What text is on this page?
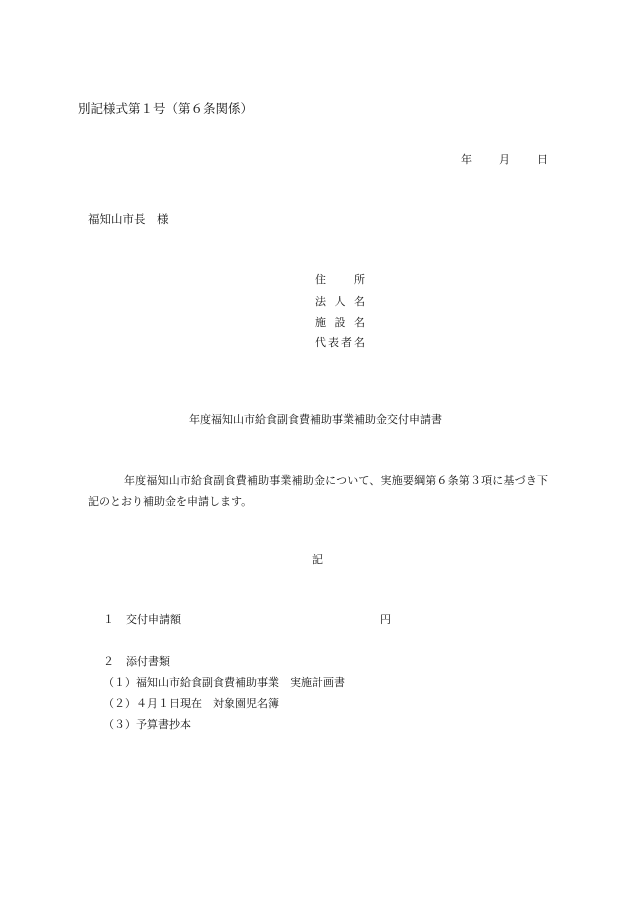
別記様式第１号（第６条関係）
年 月 日
福知山市長　様
住所
法人名
施設名
代表者名
年度福知山市給食副食費補助事業補助金交付申請書
年度福知山市給食副食費補助事業補助金について、実施要綱第６条第３項に基づき下記のとおり補助金を申請します。
記
１ 交付申請額	円
２ 添付書類
（１）福知山市給食副食費補助事業　実施計画書
（２）４月１日現在　対象園児名簿
（３）予算書抄本
